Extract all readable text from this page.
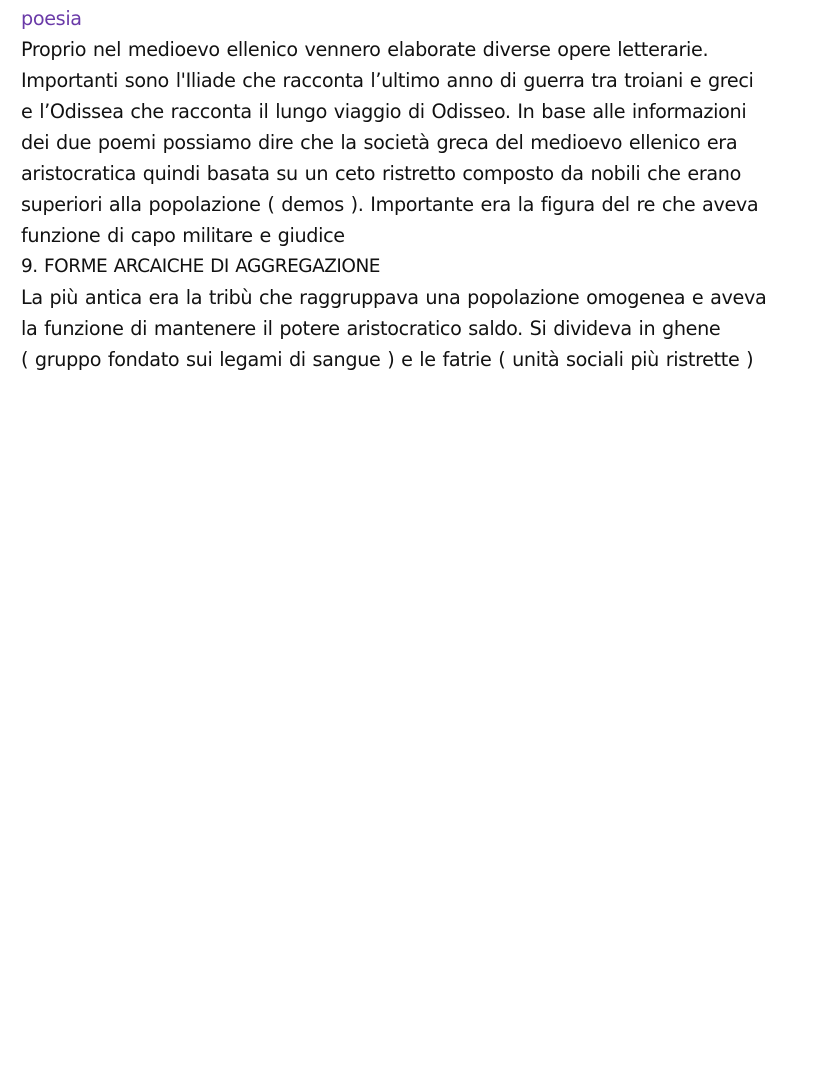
poesia
Proprio nel medioevo ellenico vennero elaborate diverse opere letterarie.
Importanti sono l'Iliade che racconta l’ultimo anno di guerra tra troiani e greci
e l’Odissea che racconta il lungo viaggio di Odisseo. In base alle informazioni
dei due poemi possiamo dire che la società greca del medioevo ellenico era
aristocratica quindi basata su un ceto ristretto composto da nobili che erano
superiori alla popolazione ( demos ). Importante era la figura del re che aveva
funzione di capo militare e giudice
9. FORME ARCAICHE DI AGGREGAZIONE
La più antica era la tribù che raggruppava una popolazione omogenea e aveva
la funzione di mantenere il potere aristocratico saldo. Si divideva in ghene
( gruppo fondato sui legami di sangue ) e le fatrie ( unità sociali più ristrette )
